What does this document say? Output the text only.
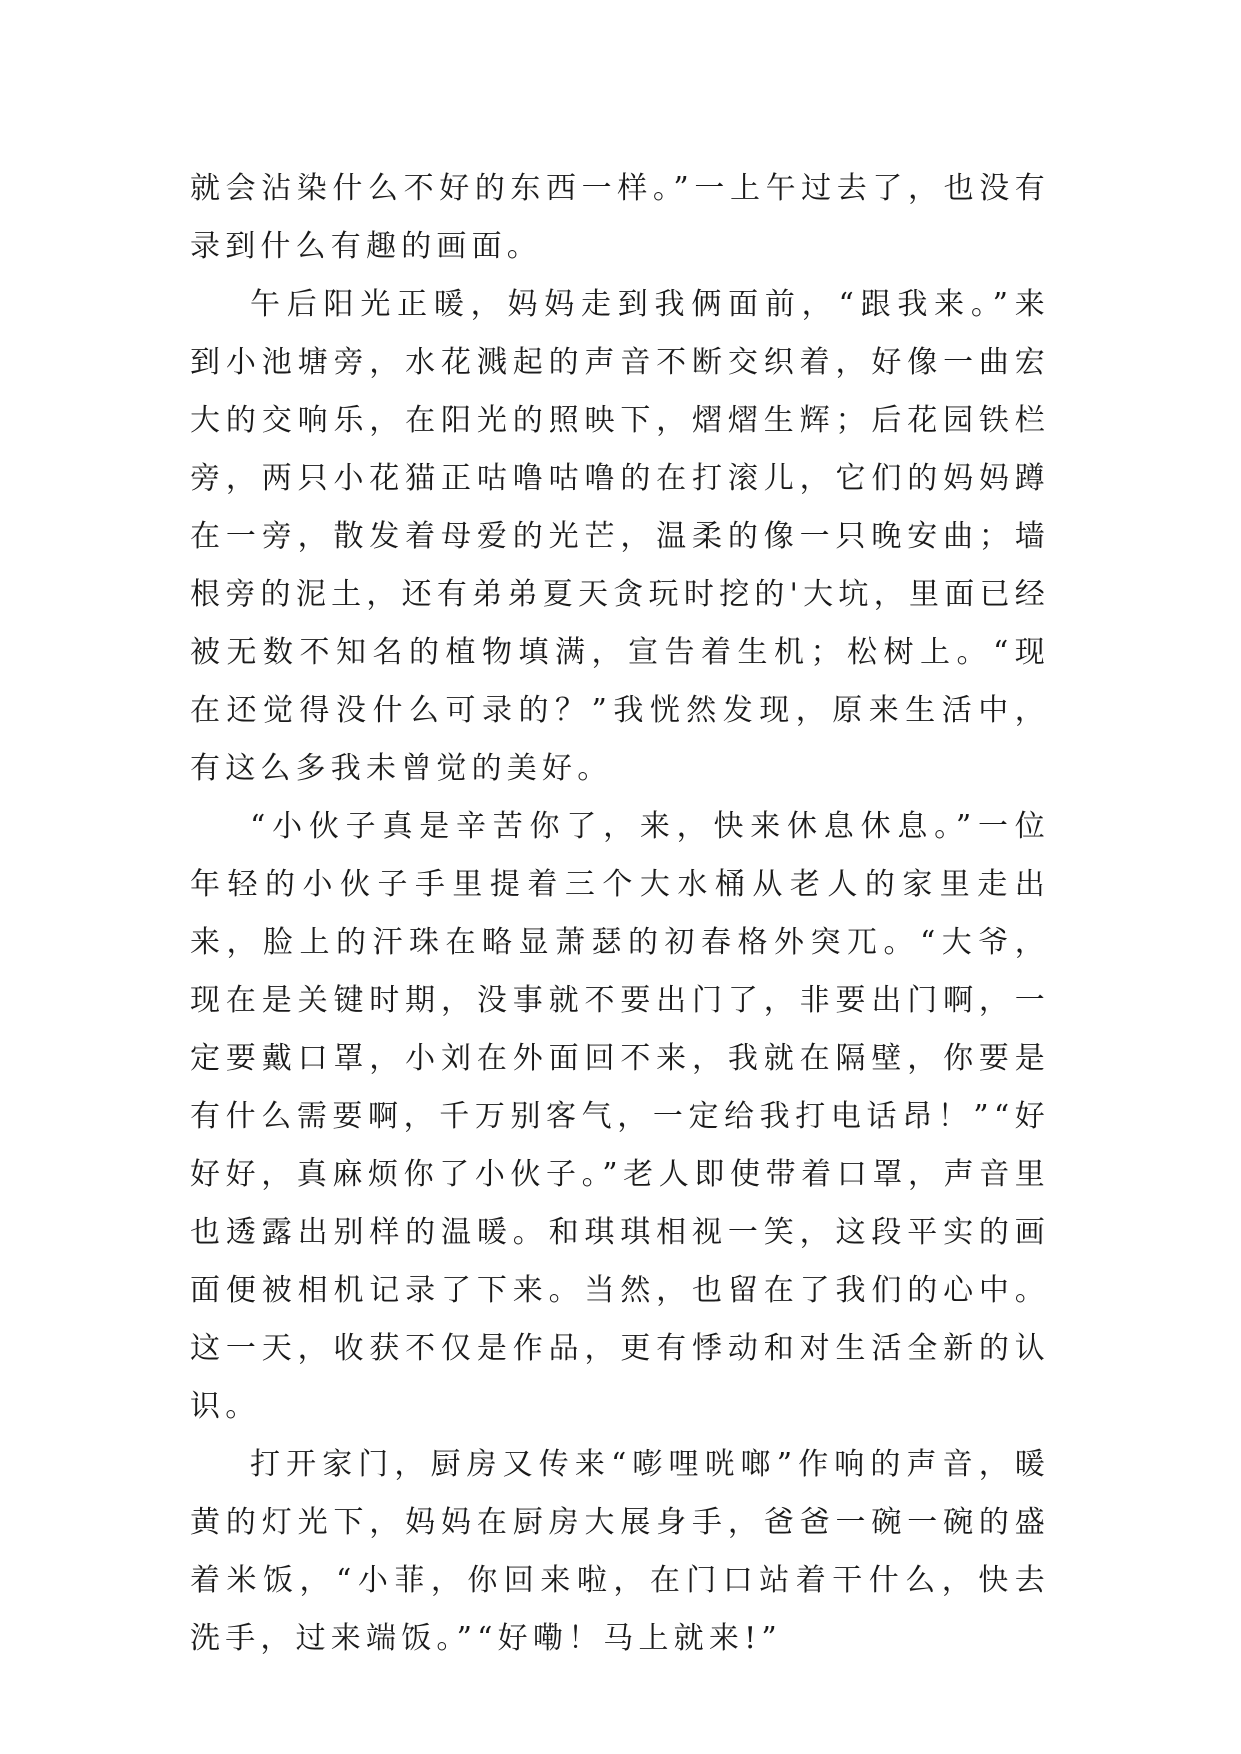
就会沾染什么不好的东西一样。”一上午过去了，也没有录到什么有趣的画面。

午后阳光正暖，妈妈走到我俩面前，“跟我来。”来到小池塘旁，水花溅起的声音不断交织着，好像一曲宏大的交响乐，在阳光的照映下，熠熠生辉；后花园铁栏旁，两只小花猫正咕噜咕噜的在打滚儿，它们的妈妈蹲在一旁，散发着母爱的光芒，温柔的像一只晚安曲；墙根旁的泥土，还有弟弟夏天贪玩时挖的'大坑，里面已经被无数不知名的植物填满，宣告着生机；松树上。“现在还觉得没什么可录的？”我恍然发现，原来生活中，有这么多我未曾觉的美好。

“小伙子真是辛苦你了，来，快来休息休息。”一位年轻的小伙子手里提着三个大水桶从老人的家里走出来，脸上的汗珠在略显萧瑟的初春格外突兀。“大爷，现在是关键时期，没事就不要出门了，非要出门啊，一定要戴口罩，小刘在外面回不来，我就在隔壁，你要是有什么需要啊，千万别客气，一定给我打电话昂！”“好好好，真麻烦你了小伙子。”老人即使带着口罩，声音里也透露出别样的温暖。和琪琪相视一笑，这段平实的画面便被相机记录了下来。当然，也留在了我们的心中。这一天，收获不仅是作品，更有悸动和对生活全新的认识。

打开家门，厨房又传来“嘭哩咣啷”作响的声音，暖黄的灯光下，妈妈在厨房大展身手，爸爸一碗一碗的盛着米饭，“小菲，你回来啦，在门口站着干什么，快去洗手，过来端饭。”“好嘞！马上就来!”
